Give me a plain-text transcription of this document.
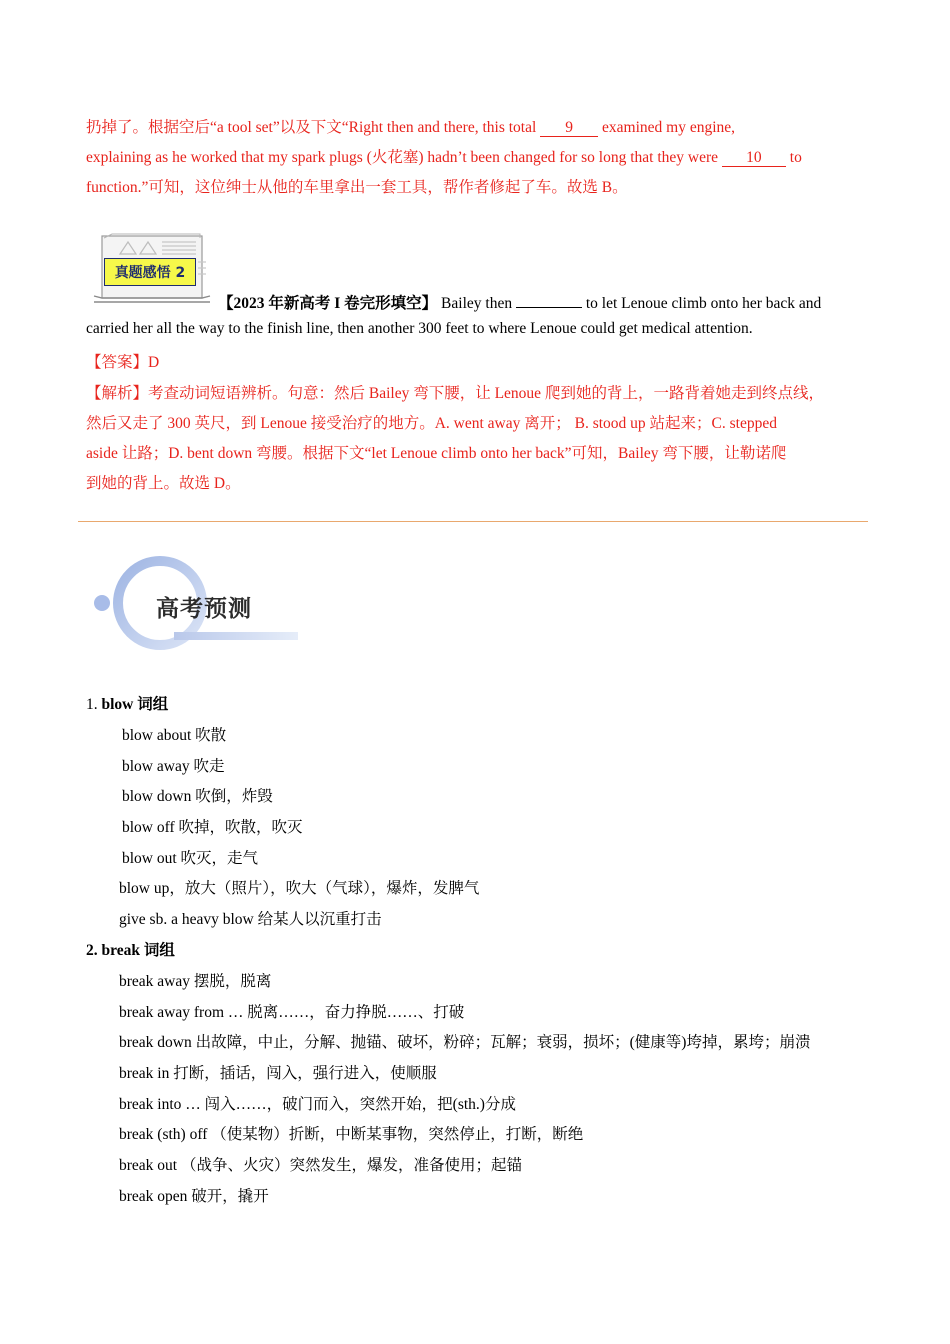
扔掉了。根据空后“a tool set”以及下文“Right then and there, this total 9 examined my engine,
explaining as he worked that my spark plugs (火花塞) hadn’t been changed for so long that they were 10 to
function.”可知，这位绅士从他的车里拿出一套工具，帮作者修起了车。故选 B。
真题感悟 2
【2023 年新高考 I 卷完形填空】 Bailey then	to let Lenoue climb onto her back and
carried her all the way to the finish line, then another 300 feet to where Lenoue could get medical attention.
【答案】D
【解析】考查动词短语辨析。句意：然后 Bailey 弯下腰，让 Lenoue 爬到她的背上，一路背着她走到终点线，
然后又走了 300 英尺，到 Lenoue 接受治疗的地方。A. went away 离开； B. stood up 站起来；C. stepped
aside 让路；D. bent down 弯腰。根据下文“let Lenoue climb onto her back”可知，Bailey 弯下腰，让勒诺爬
到她的背上。故选 D。
高考预测
1. blow 词组
blow about 吹散
blow away 吹走
blow down 吹倒，炸毁
blow off 吹掉，吹散，吹灭
blow out 吹灭，走气
blow up，放大（照片），吹大（气球），爆炸，发脾气
give sb. a heavy blow 给某人以沉重打击
2. break 词组
break away 摆脱，脱离
break away from … 脱离……，奋力挣脱……、打破
break down 出故障，中止，分解、抛锚、破坏，粉碎；瓦解；衰弱，损坏；(健康等)垮掉，累垮；崩溃
break in 打断，插话，闯入，强行进入，使顺服
break into … 闯入……，破门而入，突然开始，把(sth.)分成
break (sth) off （使某物）折断，中断某事物，突然停止，打断，断绝
break out （战争、火灾）突然发生，爆发，准备使用；起锚
break open 破开，撬开
